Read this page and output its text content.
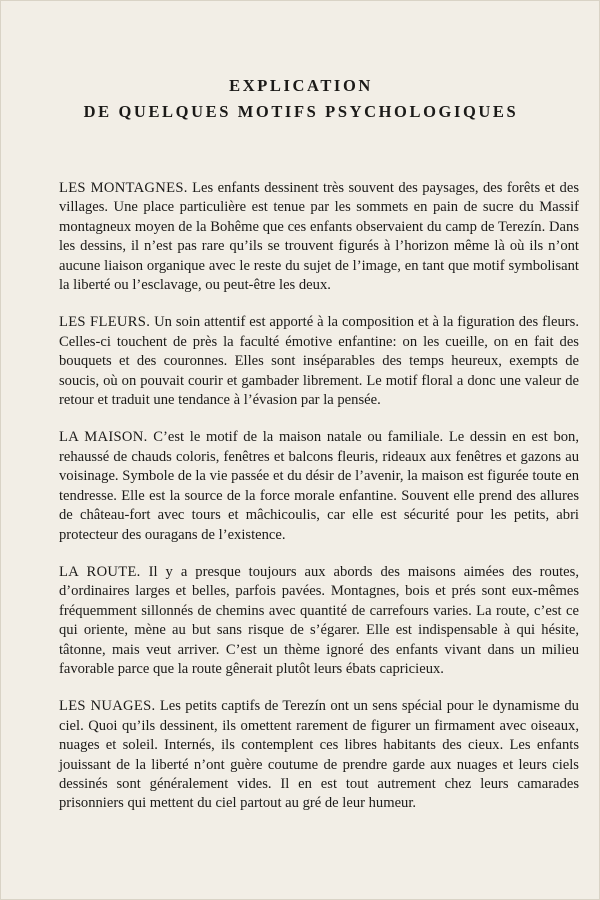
EXPLICATION
DE QUELQUES MOTIFS PSYCHOLOGIQUES

LES MONTAGNES. Les enfants dessinent très souvent des paysages, des forêts et des villages. Une place particulière est tenue par les sommets en pain de sucre du Massif montagneux moyen de la Bohême que ces enfants observaient du camp de Terezín. Dans les dessins, il n’est pas rare qu’ils se trouvent figurés à l’horizon même là où ils n’ont aucune liaison organique avec le reste du sujet de l’image, en tant que motif symbolisant la liberté ou l’esclavage, ou peut-être les deux.

LES FLEURS. Un soin attentif est apporté à la composition et à la figuration des fleurs. Celles-ci touchent de près la faculté émotive enfantine: on les cueille, on en fait des bouquets et des couronnes. Elles sont inséparables des temps heureux, exempts de soucis, où on pouvait courir et gambader librement. Le motif floral a donc une valeur de retour et traduit une tendance à l’évasion par la pensée.

LA MAISON. C’est le motif de la maison natale ou familiale. Le dessin en est bon, rehaussé de chauds coloris, fenêtres et balcons fleuris, rideaux aux fenêtres et gazons au voisinage. Symbole de la vie passée et du désir de l’avenir, la maison est figurée toute en tendresse. Elle est la source de la force morale enfantine. Souvent elle prend des allures de château-fort avec tours et mâchicoulis, car elle est sécurité pour les petits, abri protecteur des ouragans de l’existence.

LA ROUTE. Il y a presque toujours aux abords des maisons aimées des routes, d’ordinaires larges et belles, parfois pavées. Montagnes, bois et prés sont eux-mêmes fréquemment sillonnés de chemins avec quantité de carrefours varies. La route, c’est ce qui oriente, mène au but sans risque de s’égarer. Elle est indispensable à qui hésite, tâtonne, mais veut arriver. C’est un thème ignoré des enfants vivant dans un milieu favorable parce que la route gênerait plutôt leurs ébats capricieux.

LES NUAGES. Les petits captifs de Terezín ont un sens spécial pour le dynamisme du ciel. Quoi qu’ils dessinent, ils omettent rarement de figurer un firmament avec oiseaux, nuages et soleil. Internés, ils contemplent ces libres habitants des cieux. Les enfants jouissant de la liberté n’ont guère coutume de prendre garde aux nuages et leurs ciels dessinés sont généralement vides. Il en est tout autrement chez leurs camarades prisonniers qui mettent du ciel partout au gré de leur humeur.
